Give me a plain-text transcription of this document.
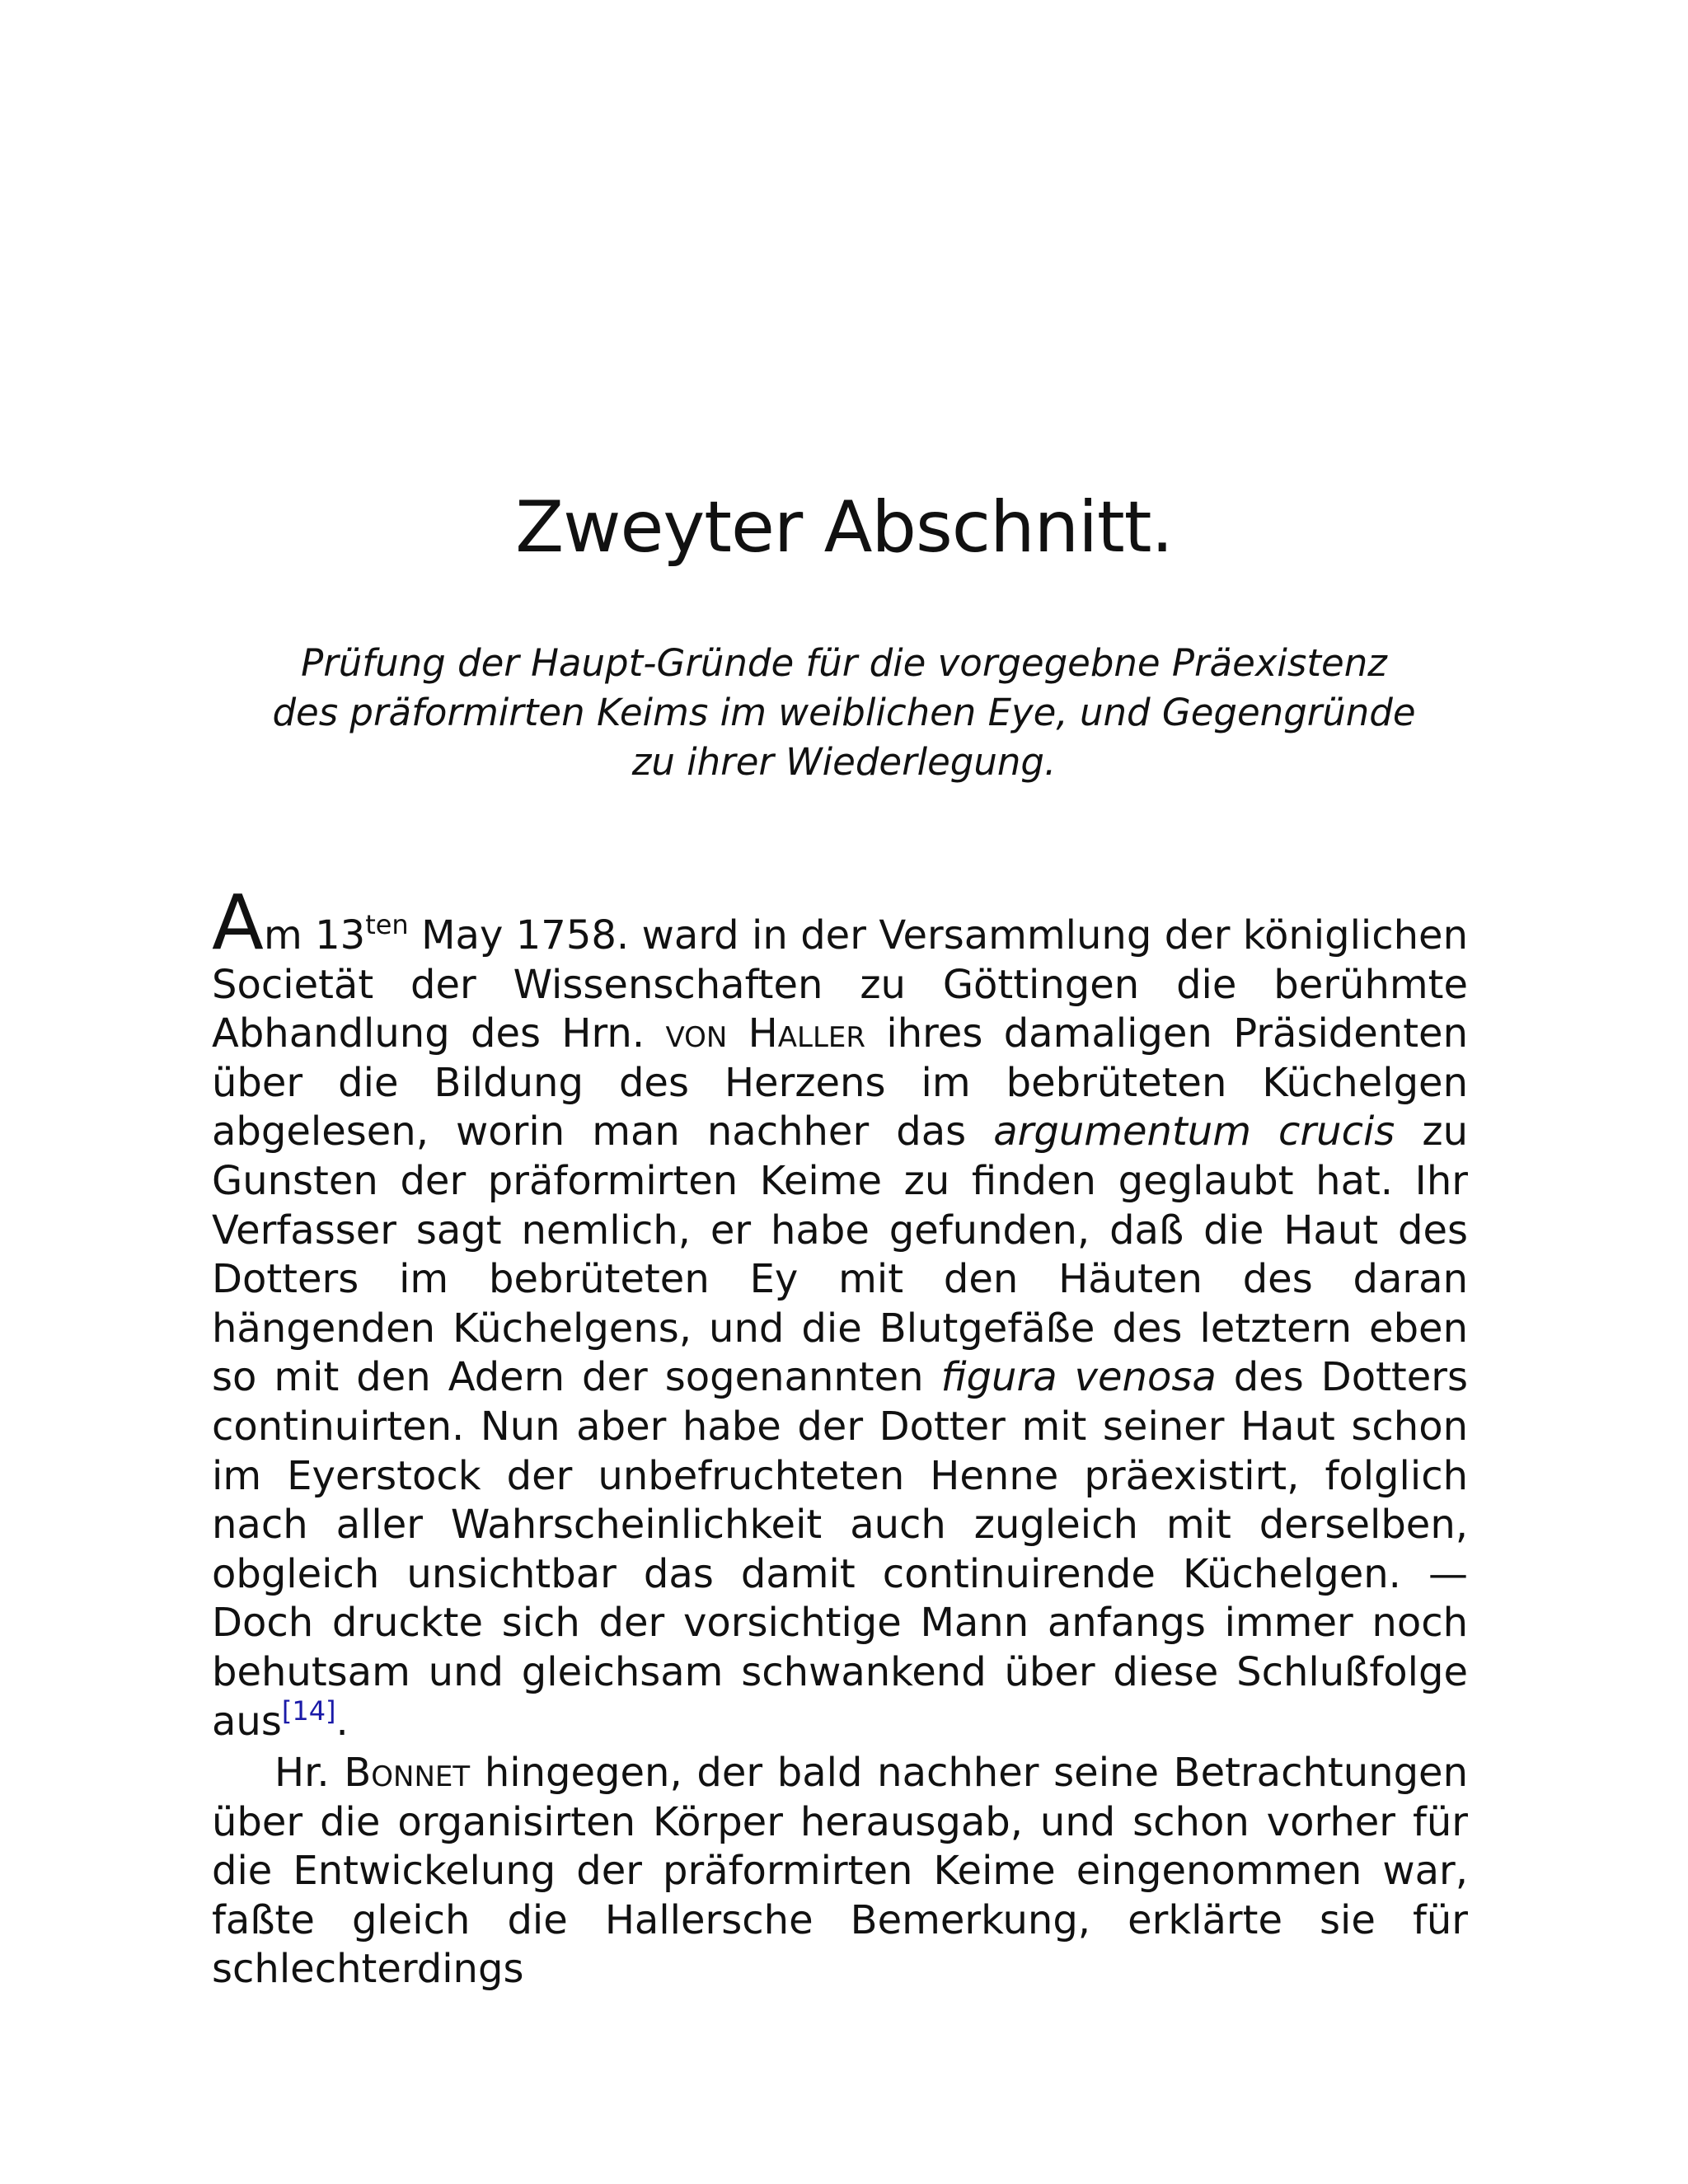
Zweyter Abschnitt.
Prüfung der Haupt-Gründe für die vorgegebne Präexistenz
des präformirten Keims im weiblichen Eye, und Gegengründe
zu ihrer Wiederlegung.

Am $13^{ten}$ May 1758. ward in der Versammlung der königlichen Societät der Wissenschaften zu Göttingen die berühmte Abhandlung des Hrn. von Haller ihres damaligen Präsidenten über die Bildung des Herzens im bebrüteten Küchelgen abgelesen, worin man nachher das argumentum crucis zu Gunsten der präformirten Keime zu finden geglaubt hat. Ihr Verfasser sagt nemlich, er habe gefunden, daß die Haut des Dotters im bebrüteten Ey mit den Häuten des daran hängenden Küchelgens, und die Blutgefäße des letztern eben so mit den Adern der sogenannten figura venosa des Dotters continuirten. Nun aber habe der Dotter mit seiner Haut schon im Eyerstock der unbefruchteten Henne präexistirt, folglich nach aller Wahrscheinlichkeit auch zugleich mit derselben, obgleich unsichtbar das damit continuirende Küchelgen. — Doch druckte sich der vorsichtige Mann anfangs immer noch behutsam und gleichsam schwankend über diese Schlußfolge aus[14].

Hr. Bonnet hingegen, der bald nachher seine Betrachtungen über die organisirten Körper herausgab, und schon vorher für die Entwickelung der präformirten Keime eingenommen war, faßte gleich die Hallersche Bemerkung, erklärte sie für schlechterdings
